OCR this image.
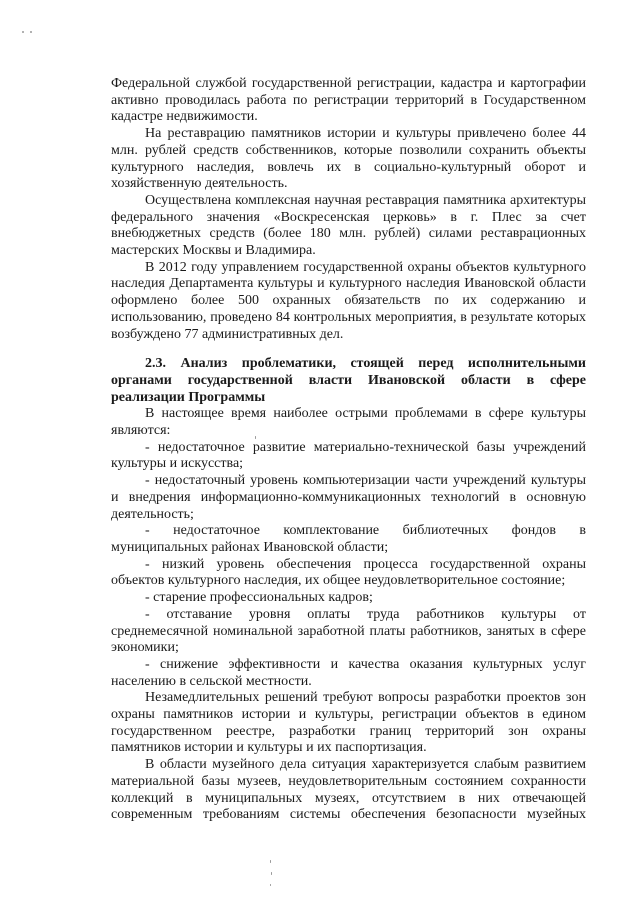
Федеральной службой государственной регистрации, кадастра и картографии активно проводилась работа по регистрации территорий в Государственном кадастре недвижимости.

На реставрацию памятников истории и культуры привлечено более 44 млн. рублей средств собственников, которые позволили сохранить объекты культурного наследия, вовлечь их в социально-культурный оборот и хозяйственную деятельность.

Осуществлена комплексная научная реставрация памятника архитектуры федерального значения «Воскресенская церковь» в г. Плес за счет внебюджетных средств (более 180 млн. рублей) силами реставрационных мастерских Москвы и Владимира.

В 2012 году управлением государственной охраны объектов культурного наследия Департамента культуры и культурного наследия Ивановской области оформлено более 500 охранных обязательств по их содержанию и использованию, проведено 84 контрольных мероприятия, в результате которых возбуждено 77 административных дел.

2.3. Анализ проблематики, стоящей перед исполнительными органами государственной власти Ивановской области в сфере реализации Программы

В настоящее время наиболее острыми проблемами в сфере культуры являются:

- недостаточное развитие материально-технической базы учреждений культуры и искусства;

- недостаточный уровень компьютеризации части учреждений культуры и внедрения информационно-коммуникационных технологий в основную деятельность;

- недостаточное комплектование библиотечных фондов в муниципальных районах Ивановской области;

- низкий уровень обеспечения процесса государственной охраны объектов культурного наследия, их общее неудовлетворительное состояние;

- старение профессиональных кадров;

- отставание уровня оплаты труда работников культуры от среднемесячной номинальной заработной платы работников, занятых в сфере экономики;

- снижение эффективности и качества оказания культурных услуг населению в сельской местности.

Незамедлительных решений требуют вопросы разработки проектов зон охраны памятников истории и культуры, регистрации объектов в едином государственном реестре, разработки границ территорий зон охраны памятников истории и культуры и их паспортизация.

В области музейного дела ситуация характеризуется слабым развитием материальной базы музеев, неудовлетворительным состоянием сохранности коллекций в муниципальных музеях, отсутствием в них отвечающей современным требованиям системы обеспечения безопасности музейных
